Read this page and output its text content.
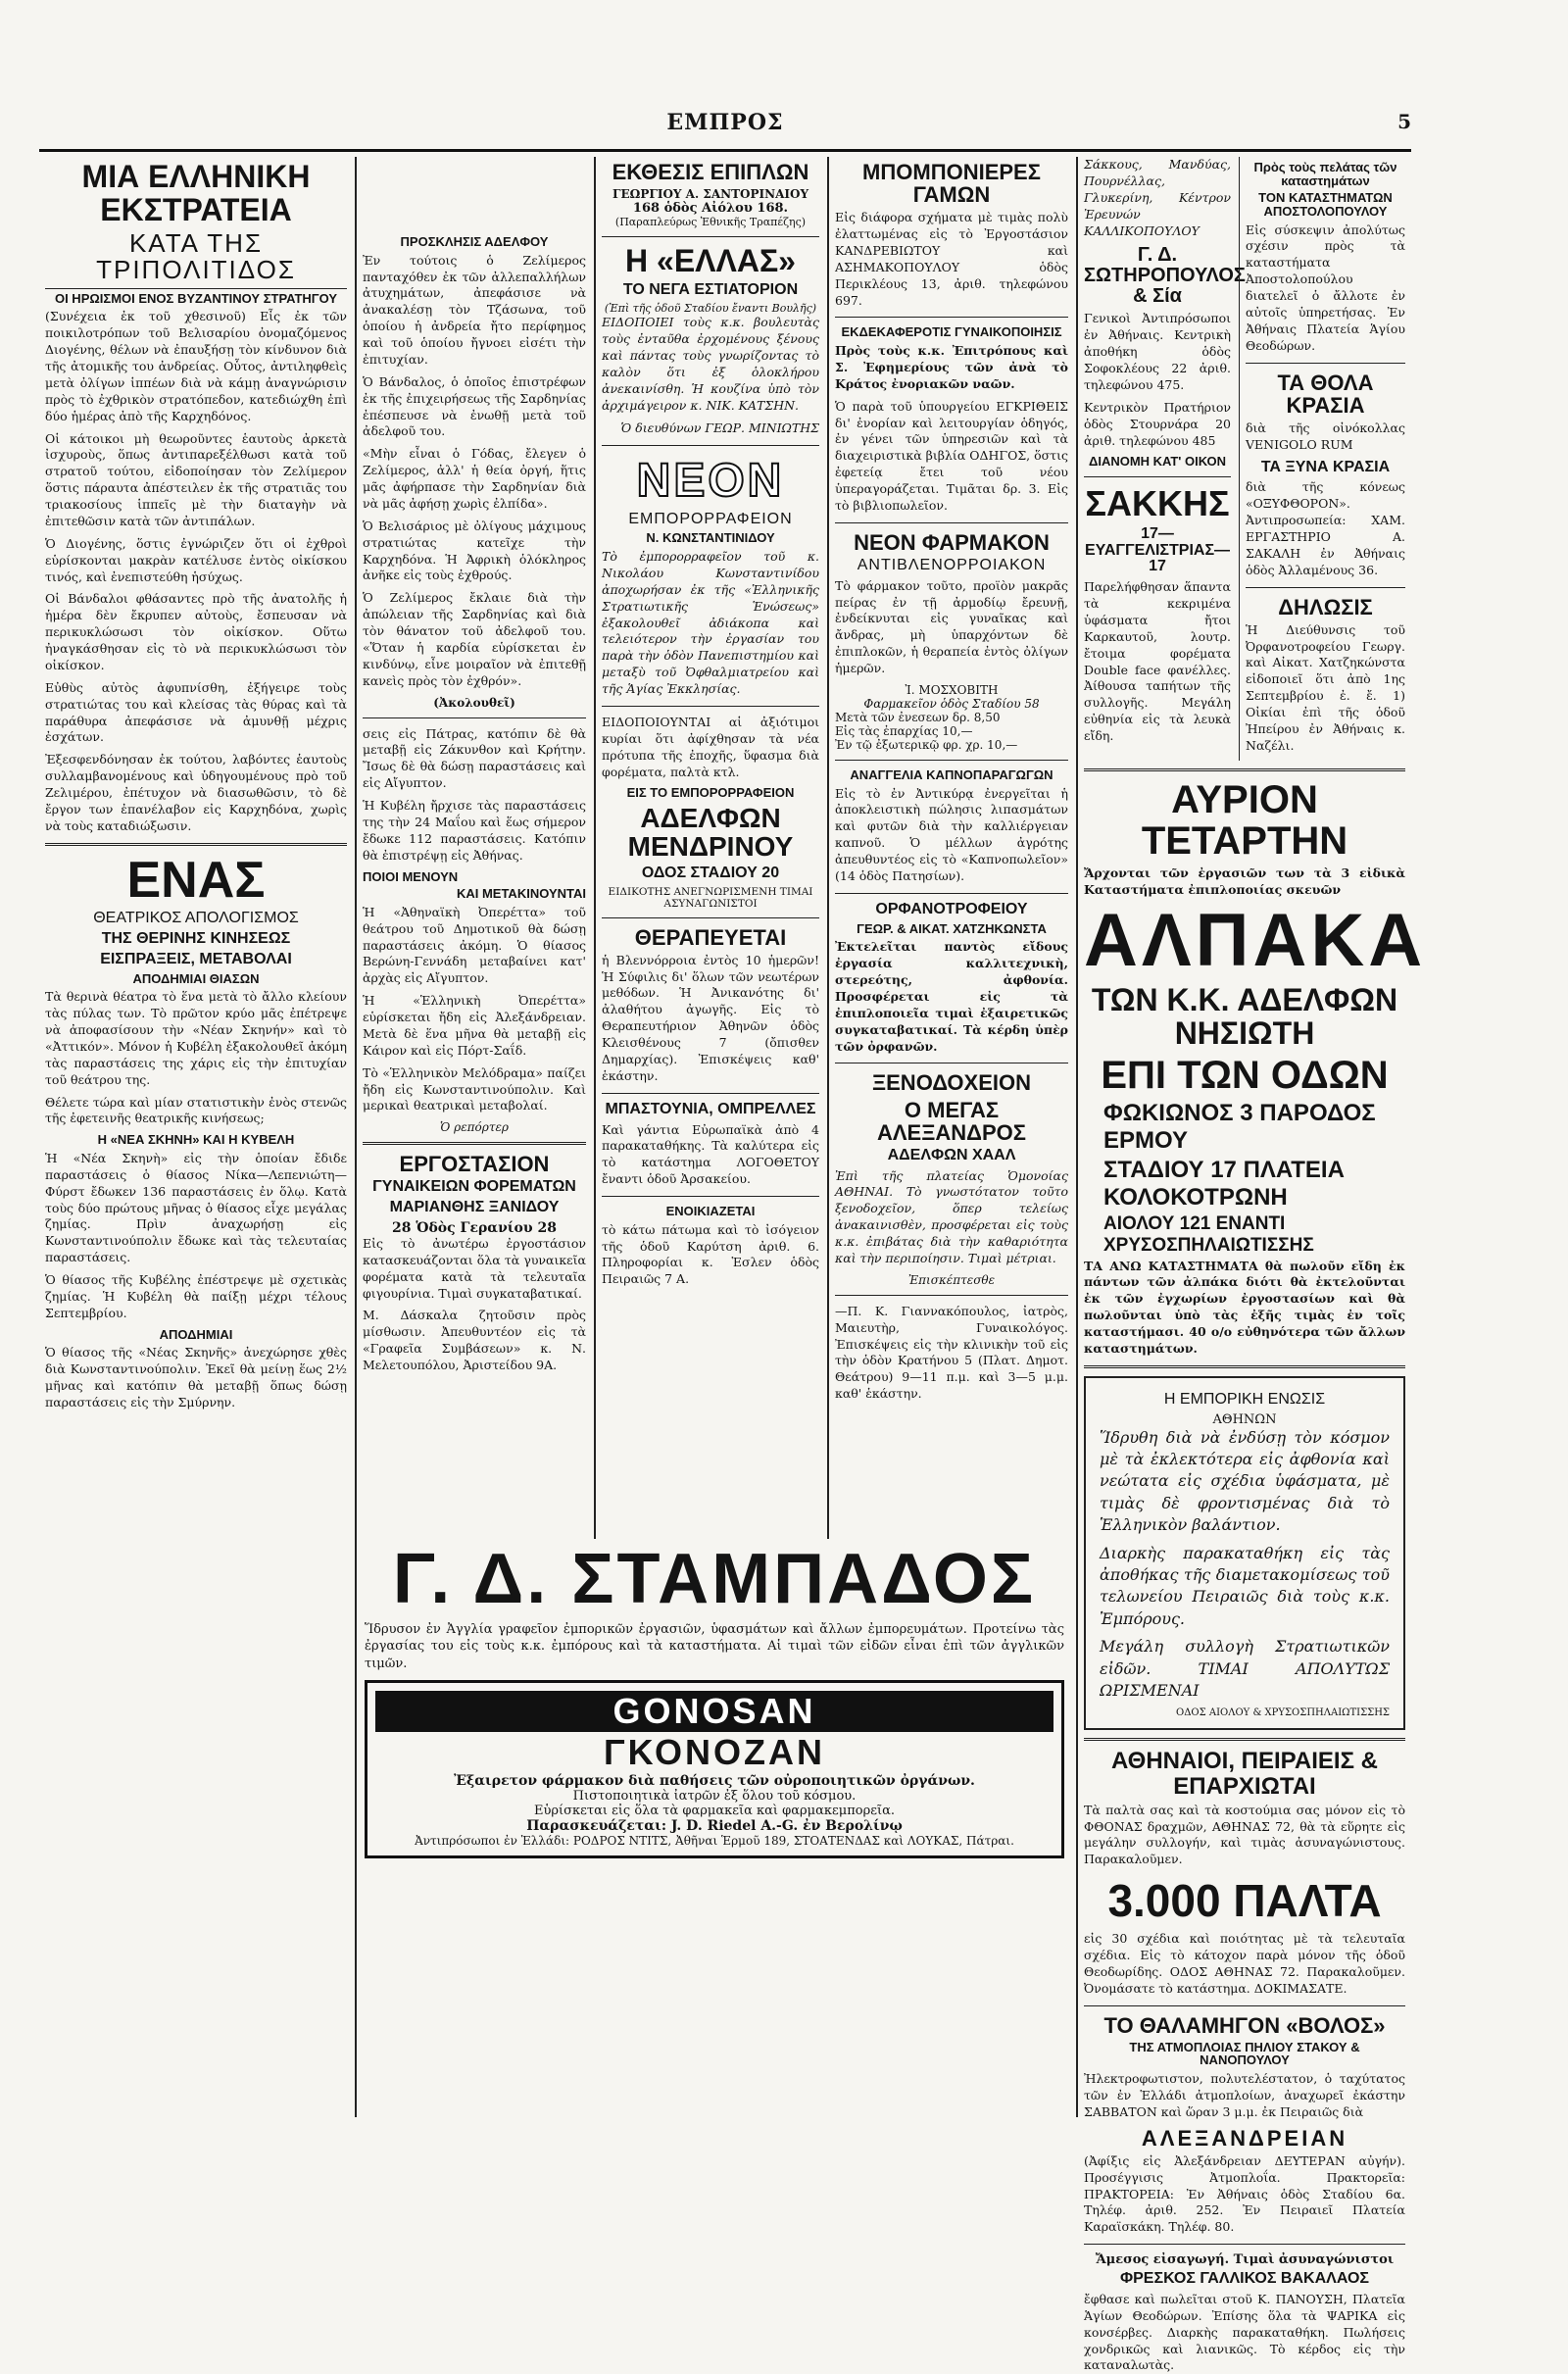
ΕΜΠΡΟΣ	5
ΜΙΑ ΕΛΛΗΝΙΚΗ ΕΚΣΤΡΑΤΕΙΑ
ΚΑΤΑ ΤΗΣ ΤΡΙΠΟΛΙΤΙΔΟΣ
ΟΙ ΗΡΩΙΣΜΟΙ ΕΝΟΣ ΒΥΖΑΝΤΙΝΟΥ ΣΤΡΑΤΗΓΟΥ

(Συνέχεια ἐκ τοῦ χθεσινοῦ) Εἷς ἐκ τῶν ποικιλοτρόπων τοῦ Βελισαρίου ὀνομαζόμενος Διογένης, θέλων νὰ ἐπαυξήσῃ τὸν κίνδυνον διὰ τῆς ἀτομικῆς του ἀνδρείας. Οὗτος, ἀντιληφθεὶς μετὰ ὀλίγων ἱππέων διὰ νὰ κάμῃ ἀναγνώρισιν πρὸς τὸ ἐχθρικὸν στρατόπεδον, κατεδιώχθη ἐπὶ δύο ἡμέρας ἀπὸ τῆς Καρχηδόνος.

Οἱ κάτοικοι μὴ θεωροῦντες ἑαυτοὺς ἀρκετὰ ἰσχυροὺς, ὅπως ἀντιπαρεξέλθωσι κατὰ τοῦ στρατοῦ τούτου, εἰδοποίησαν τὸν Ζελίμερον ὅστις πάραυτα ἀπέστειλεν ἐκ τῆς στρατιᾶς του τριακοσίους ἱππεῖς μὲ τὴν διαταγὴν νὰ ἐπιτεθῶσιν κατὰ τῶν ἀντιπάλων.

Ὁ Διογένης, ὅστις ἐγνώριζεν ὅτι οἱ ἐχθροὶ εὑρίσκονται μακρὰν κατέλυσε ἐντὸς οἰκίσκου τινός, καὶ ἐνεπιστεύθη ἡσύχως.

Οἱ Βάνδαλοι φθάσαντες πρὸ τῆς ἀνατολῆς ἡ ἡμέρα δὲν ἔκρυπεν αὐτοὺς, ἔσπευσαν νὰ περικυκλώσωσι τὸν οἰκίσκον. Οὕτω ἠναγκάσθησαν εἰς τὸ νὰ περικυκλώσωσι τὸν οἰκίσκον.

Εὐθὺς αὐτὸς ἀφυπνίσθη, ἐξήγειρε τοὺς στρατιώτας του καὶ κλείσας τὰς θύρας καὶ τὰ παράθυρα ἀπεφάσισε νὰ ἀμυνθῇ μέχρις ἐσχάτων.

Ἐξεσφενδόνησαν ἐκ τούτου, λαβόντες ἑαυτοὺς συλλαμβανομένους καὶ ὑδηγουμένους πρὸ τοῦ Ζελιμέρου, ἐπέτυχον νὰ διασωθῶσιν, τὸ δὲ ἔργον των ἐπανέλαβον εἰς Καρχηδόνα, χωρὶς νὰ τοὺς καταδιώξωσιν.

ΕΝΑΣ
ΘΕΑΤΡΙΚΟΣ ΑΠΟΛΟΓΙΣΜΟΣ
ΤΗΣ ΘΕΡΙΝΗΣ ΚΙΝΗΣΕΩΣ
ΕΙΣΠΡΑΞΕΙΣ, ΜΕΤΑΒΟΛΑΙ
ΑΠΟΔΗΜΙΑΙ ΘΙΑΣΩΝ

Τὰ θερινὰ θέατρα τὸ ἕνα μετὰ τὸ ἄλλο κλείουν τὰς πύλας των. Τὸ πρῶτον κρύο μᾶς ἐπέτρεψε νὰ ἀποφασίσουν τὴν «Νέαν Σκηνήν» καὶ τὸ «Ἀττικόν». Μόνον ἡ Κυβέλη ἐξακολουθεῖ ἀκόμη τὰς παραστάσεις της χάρις εἰς τὴν ἐπιτυχίαν τοῦ θεάτρου της.

Θέλετε τώρα καὶ μίαν στατιστικὴν ἐνὸς στενῶς τῆς ἐφετεινῆς θεατρικῆς κινήσεως;

Η «ΝΕΑ ΣΚΗΝΗ» ΚΑΙ Η ΚΥΒΕΛΗ

Ἡ «Νέα Σκηνὴ» εἰς τὴν ὁποίαν ἔδιδε παραστάσεις ὁ θίασος Νίκα—Λεπενιώτη—Φύρστ ἔδωκεν 136 παραστάσεις ἐν ὅλῳ. Κατὰ τοὺς δύο πρώτους μῆνας ὁ θίασος εἶχε μεγάλας ζημίας. Πρὶν ἀναχωρήσῃ εἰς Κωνσταντινούπολιν ἔδωκε καὶ τὰς τελευταίας παραστάσεις.

Ὁ θίασος τῆς Κυβέλης ἐπέστρεψε μὲ σχετικὰς ζημίας. Ἡ Κυβέλη θὰ παίξῃ μέχρι τέλους Σεπτεμβρίου.

ΑΠΟΔΗΜΙΑΙ

Ὁ θίασος τῆς «Νέας Σκηνῆς» ἀνεχώρησε χθὲς διὰ Κωνσταντινούπολιν. Ἐκεῖ θὰ μείνῃ ἕως 2½ μῆνας καὶ κατόπιν θὰ μεταβῇ ὅπως δώσῃ παραστάσεις εἰς τὴν Σμύρνην.

ΠΡΟΣΚΛΗΣΙΣ ΑΔΕΛΦΟΥ

Ἐν τούτοις ὁ Ζελίμερος πανταχόθεν ἐκ τῶν ἀλλεπαλλήλων ἀτυχημάτων, ἀπεφάσισε νὰ ἀνακαλέσῃ τὸν Τζάσωνα, τοῦ ὁποίου ἡ ἀνδρεία ἤτο περίφημος καὶ τοῦ ὁποίου ἤγνοει εἰσέτι τὴν ἐπιτυχίαν.

Ὁ Βάνδαλος, ὁ ὁποῖος ἐπιστρέφων ἐκ τῆς ἐπιχειρήσεως τῆς Σαρδηνίας ἐπέσπευσε νὰ ἐνωθῇ μετὰ τοῦ ἀδελφοῦ του.

«Μὴν εἶναι ὁ Γόδας, ἔλεγεν ὁ Ζελίμερος, ἀλλ' ἡ θεία ὀργή, ἥτις μᾶς ἀφήρπασε τὴν Σαρδηνίαν διὰ νὰ μᾶς ἀφήσῃ χωρὶς ἐλπίδα».

Ὁ Βελισάριος μὲ ὀλίγους μάχιμους στρατιώτας κατεῖχε τὴν Καρχηδόνα. Ἡ Ἀφρικὴ ὁλόκληρος ἀνῆκε εἰς τοὺς ἐχθρούς.

Ὁ Ζελίμερος ἔκλαιε διὰ τὴν ἀπώλειαν τῆς Σαρδηνίας καὶ διὰ τὸν θάνατον τοῦ ἀδελφοῦ του. «Ὅταν ἡ καρδία εὑρίσκεται ἐν κινδύνῳ, εἶνε μοιραῖον νὰ ἐπιτεθῇ κανεὶς πρὸς τὸν ἐχθρόν».

(Ἀκολουθεῖ)

σεις εἰς Πάτρας, κατόπιν δὲ θὰ μεταβῇ εἰς Ζάκυνθον καὶ Κρήτην. Ἴσως δὲ θὰ δώσῃ παραστάσεις καὶ εἰς Αἴγυπτον.

Ἡ Κυβέλη ἤρχισε τὰς παραστάσεις της τὴν 24 Μαΐου καὶ ἕως σήμερον ἔδωκε 112 παραστάσεις. Κατόπιν θὰ ἐπιστρέψῃ εἰς Ἀθήνας.

ΠΟΙΟΙ ΜΕΝΟΥΝ
ΚΑΙ ΜΕΤΑΚΙΝΟΥΝΤΑΙ

Ἡ «Ἀθηναϊκὴ Ὀπερέττα» τοῦ θεάτρου τοῦ Δημοτικοῦ θὰ δώσῃ παραστάσεις ἀκόμη. Ὁ θίασος Βερώνη-Γεννάδη μεταβαίνει κατ' ἀρχὰς εἰς Αἴγυπτον.

Ἡ «Ἑλληνικὴ Ὀπερέττα» εὑρίσκεται ἤδη εἰς Ἀλεξάνδρειαν. Μετὰ δὲ ἕνα μῆνα θὰ μεταβῇ εἰς Κάιρον καὶ εἰς Πόρτ-Σαΐδ.

Τὸ «Ἑλληνικὸν Μελόδραμα» παίζει ἤδη εἰς Κωνσταντινούπολιν. Καὶ μερικαὶ θεατρικαὶ μεταβολαί.

Ὁ ρεπόρτερ
ΕΡΓΟΣΤΑΣΙΟΝ
ΓΥΝΑΙΚΕΙΩΝ ΦΟΡΕΜΑΤΩΝ
ΜΑΡΙΑΝΘΗΣ ΞΑΝΙΔΟΥ
28 Ὁδὸς Γερανίου 28

Εἰς τὸ ἀνωτέρω ἐργοστάσιον κατασκευάζονται ὅλα τὰ γυναικεῖα φορέματα κατὰ τὰ τελευταῖα φιγουρίνια. Τιμαὶ συγκαταβατικαί.

Μ. Δάσκαλα ζητοῦσιν πρὸς μίσθωσιν. Ἀπευθυντέον εἰς τὰ «Γραφεῖα Συμβάσεων» κ. Ν. Μελετουπόλου, Ἀριστείδου 9Α.

ΕΚΘΕΣΙΣ ΕΠΙΠΛΩΝ
ΓΕΩΡΓΙΟΥ Α. ΣΑΝΤΟΡΙΝΑΙΟΥ
168 ὁδὸς Αἰόλου 168.
(Παραπλεύρως Ἐθνικῆς Τραπέζης)
Η «ΕΛΛΑΣ»
ΤΟ ΝΕΓΑ ΕΣΤΙΑΤΟΡΙΟΝ
(Ἐπὶ τῆς ὁδοῦ Σταδίου ἔναντι Βουλῆς)

ΕΙΔΟΠΟΙΕΙ τοὺς κ.κ. βουλευτὰς τοὺς ἐνταῦθα ἐρχομένους ξένους καὶ πάντας τοὺς γνωρίζοντας τὸ καλὸν ὅτι ἐξ ὁλοκλήρου ἀνεκαινίσθη. Ἡ κουζίνα ὑπὸ τὸν ἀρχιμάγειρον κ. ΝΙΚ. ΚΑΤΣΗΝ.

Ὁ διευθύνων ΓΕΩΡ. ΜΙΝΙΩΤΗΣ

ΝΕΟΝ
ΕΜΠΟΡΟΡΡΑΦΕΙΟΝ
Ν. ΚΩΝΣΤΑΝΤΙΝΙΔΟΥ

Τὸ ἐμπορορραφεῖον τοῦ κ. Νικολάου Κωνσταντινίδου ἀποχωρήσαν ἐκ τῆς «Ἑλληνικῆς Στρατιωτικῆς Ἑνώσεως» ἐξακολουθεῖ ἀδιάκοπα καὶ τελειότερον τὴν ἐργασίαν του παρὰ τὴν ὁδὸν Πανεπιστημίου καὶ μεταξὺ τοῦ Ὀφθαλμιατρείου καὶ τῆς Ἁγίας Ἐκκλησίας.

ΕΙΔΟΠΟΙΟΥΝΤΑΙ αἱ ἀξιότιμοι κυρίαι ὅτι ἀφίχθησαν τὰ νέα πρότυπα τῆς ἐποχῆς, ὕφασμα διὰ φορέματα, παλτὰ κτλ.

ΕΙΣ ΤΟ ΕΜΠΟΡΟΡΡΑΦΕΙΟΝ
ΑΔΕΛΦΩΝ ΜΕΝΔΡΙΝΟΥ
ΟΔΟΣ ΣΤΑΔΙΟΥ 20
ΕΙΔΙΚΟΤΗΣ ΑΝΕΓΝΩΡΙΣΜΕΝΗ ΤΙΜΑΙ ΑΣΥΝΑΓΩΝΙΣΤΟΙ
ΘΕΡΑΠΕΥΕΤΑΙ

ἡ Βλεννόρροια ἐντὸς 10 ἡμερῶν! Ἡ Σύφιλις δι' ὅλων τῶν νεωτέρων μεθόδων. Ἡ Ἀνικανότης δι' ἀλαθήτου ἀγωγῆς. Εἰς τὸ Θεραπευτήριον Ἀθηνῶν ὁδὸς Κλεισθένους 7 (ὄπισθεν Δημαρχίας). Ἐπισκέψεις καθ' ἑκάστην.

ΜΠΑΣΤΟΥΝΙΑ, ΟΜΠΡΕΛΛΕΣ

Καὶ γάντια Εὐρωπαϊκὰ ἀπὸ 4 παρακαταθήκης. Τὰ καλύτερα εἰς τὸ κατάστημα ΛΟΓΟΘΕΤΟΥ ἔναντι ὁδοῦ Ἀρσακείου.

ΕΝΟΙΚΙΑΖΕΤΑΙ

τὸ κάτω πάτωμα καὶ τὸ ἰσόγειον τῆς ὁδοῦ Καρύτση ἀριθ. 6. Πληροφορίαι κ. Ἑσλεν ὁδὸς Πειραιῶς 7 Α.

ΜΠΟΜΠΟΝΙΕΡΕΣ ΓΑΜΩΝ

Εἰς διάφορα σχήματα μὲ τιμὰς πολὺ ἐλαττωμένας εἰς τὸ Ἐργοστάσιον ΚΑΝΔΡΕΒΙΩΤΟΥ καὶ ΑΣΗΜΑΚΟΠΟΥΛΟΥ ὁδὸς Περικλέους 13, ἀριθ. τηλεφώνου 697.

ΕΚΔΕΚΑΦΕΡΟΤΙΣ ΓΥΝΑΙΚΟΠΟΙΗΣΙΣ

Πρὸς τοὺς κ.κ. Ἐπιτρόπους καὶ Σ. Ἐφημερίους τῶν ἀνὰ τὸ Κράτος ἐνοριακῶν ναῶν.

Ὁ παρὰ τοῦ ὑπουργείου ΕΓΚΡΙΘΕΙΣ δι' ἐνορίαν καὶ λειτουργίαν ὁδηγός, ἐν γένει τῶν ὑπηρεσιῶν καὶ τὰ διαχειριστικὰ βιβλία ΟΔΗΓΟΣ, ὅστις ἐφετείᾳ ἔτει τοῦ νέου ὑπεραγοράζεται. Τιμᾶται δρ. 3. Εἰς τὸ βιβλιοπωλεῖον.

ΝΕΟΝ ΦΑΡΜΑΚΟΝ
ΑΝΤΙΒΛΕΝΟΡΡΟΙΑΚΟΝ

Τὸ φάρμακον τοῦτο, προϊὸν μακρᾶς πείρας ἐν τῇ ἀρμοδίῳ ἔρευνῇ, ἐνδείκνυται εἰς γυναῖκας καὶ ἄνδρας, μὴ ὑπαρχόντων δὲ ἐπιπλοκῶν, ἡ θεραπεία ἐντὸς ὀλίγων ἡμερῶν.

Ἰ. ΜΟΣΧΟΒΙΤΗ
Φαρμακεῖον ὁδὸς Σταδίου 58
Μετὰ τῶν ἐνεσεων δρ. 8,50
Εἰς τὰς ἐπαρχίας 10,—
Ἐν τῷ ἐξωτερικῷ φρ. χρ. 10,—
ΑΝΑΓΓΕΛΙΑ ΚΑΠΝΟΠΑΡΑΓΩΓΩΝ

Εἰς τὸ ἐν Ἀντικύρᾳ ἐνεργεῖται ἡ ἀποκλειστικὴ πώλησις λιπασμάτων καὶ φυτῶν διὰ τὴν καλλιέργειαν καπνοῦ. Ὁ μέλλων ἀγρότης ἀπευθυντέος εἰς τὸ «Καπνοπωλεῖον» (14 ὁδὸς Πατησίων).

ΟΡΦΑΝΟΤΡΟΦΕΙΟΥ
ΓΕΩΡ. & ΑΙΚΑΤ. ΧΑΤΖΗΚΩΝΣΤΑ

Ἐκτελεῖται παντὸς εἴδους ἐργασία καλλιτεχνικὴ, στερεότης, ἀφθονία. Προσφέρεται εἰς τὰ ἐπιπλοποιεῖα τιμαὶ ἐξαιρετικῶς συγκαταβατικαί. Τὰ κέρδη ὑπὲρ τῶν ὀρφανῶν.

ΞΕΝΟΔΟΧΕΙΟΝ
Ο ΜΕΓΑΣ ΑΛΕΞΑΝΔΡΟΣ
ΑΔΕΛΦΩΝ ΧΑΑΛ

Ἐπὶ τῆς πλατείας Ὁμονοίας ΑΘΗΝΑΙ. Τὸ γνωστότατον τοῦτο ξενοδοχεῖον, ὅπερ τελείως ἀνακαινισθὲν, προσφέρεται εἰς τοὺς κ.κ. ἐπιβάτας διὰ τὴν καθαριότητα καὶ τὴν περιποίησιν. Τιμαὶ μέτριαι.

Ἐπισκέπτεσθε

—Π. Κ. Γιαννακόπουλος, ἰατρὸς, Μαιευτὴρ, Γυναικολόγος. Ἐπισκέψεις εἰς τὴν κλινικὴν τοῦ εἰς τὴν ὁδὸν Κρατήνου 5 (Πλατ. Δημοτ. Θεάτρου) 9—11 π.μ. καὶ 3—5 μ.μ. καθ' ἑκάστην.

Σάκκους, Μανδύας, Πουρνέλλας, Γλυκερίνη, Κέντρον Ἐρευνών ΚΑΛΛΙΚΟΠΟΥΛΟΥ

Γ. Δ. ΣΩΤΗΡΟΠΟΥΛΟΣ & Σία

Γενικοὶ Ἀντιπρόσωποι ἐν Ἀθήναις. Κεντρικὴ ἀποθήκη ὁδὸς Σοφοκλέους 22 ἀριθ. τηλεφώνου 475.

Κεντρικὸν Πρατήριον ὁδὸς Στουρνάρα 20 ἀριθ. τηλεφώνου 485

ΔΙΑΝΟΜΗ ΚΑΤ' ΟΙΚΟΝ
ΣΑΚΚΗΣ
17—ΕΥΑΓΓΕΛΙΣΤΡΙΑΣ—17

Παρελήφθησαν ἅπαντα τὰ κεκριμένα ὑφάσματα ἤτοι Καρκαυτοῦ, λουτρ. ἔτοιμα φορέματα Double face φανέλλες. Ἀίθουσα ταπήτων τῆς συλλογῆς. Μεγάλη εὐθηνία εἰς τὰ λευκὰ εἴδη.

Πρὸς τοὺς πελάτας τῶν καταστημάτων
ΤΟΝ ΚΑΤΑΣΤΗΜΑΤΩΝ ΑΠΟΣΤΟΛΟΠΟΥΛΟΥ

Εἰς σύσκεψιν ἀπολύτως σχέσιν πρὸς τὰ καταστήματα Ἀποστολοπούλου διατελεῖ ὁ ἄλλοτε ἐν αὐτοῖς ὑπηρετήσας. Ἐν Ἀθήναις Πλατεία Ἁγίου Θεοδώρων.

ΤΑ ΘΟΛΑ ΚΡΑΣΙΑ

διὰ τῆς οἰνόκολλας VENIGOLO RUM

ΤΑ ΞΥΝΑ ΚΡΑΣΙΑ

διὰ τῆς κόνεως «ΟΞΥΦΘΟΡΟΝ». Ἀντιπροσωπεία: ΧΑΜ. ΕΡΓΑΣΤΗΡΙΟ Α. ΣΑΚΑΛΗ ἐν Ἀθήναις ὁδὸς Ἀλλαμένους 36.

ΔΗΛΩΣΙΣ

Ἡ Διεύθυνσις τοῦ Ὀρφανοτροφείου Γεωργ. καὶ Αἰκατ. Χατζηκώνστα εἰδοποιεῖ ὅτι ἀπὸ 1ης Σεπτεμβρίου ἐ. ἔ. 1) Οἰκίαι ἐπὶ τῆς ὁδοῦ Ἠπείρου ἐν Ἀθήναις κ. Ναζέλι.

ΑΥΡΙΟΝ ΤΕΤΑΡΤΗΝ

Ἄρχονται τῶν ἐργασιῶν των τὰ 3 εἰδικὰ Καταστήματα ἐπιπλοποιίας σκευῶν

ΑΛΠΑΚΑ
ΤΩΝ Κ.Κ. ΑΔΕΛΦΩΝ ΝΗΣΙΩΤΗ
ΕΠΙ ΤΩΝ ΟΔΩΝ
ΦΩΚΙΩΝΟΣ 3 ΠΑΡΟΔΟΣ ΕΡΜΟΥ
ΣΤΑΔΙΟΥ 17 ΠΛΑΤΕΙΑ ΚΟΛΟΚΟΤΡΩΝΗ
ΑΙΟΛΟΥ 121 ΕΝΑΝΤΙ ΧΡΥΣΟΣΠΗΛΑΙΩΤΙΣΣΗΣ

ΤΑ ΑΝΩ ΚΑΤΑΣΤΗΜΑΤΑ θὰ πωλοῦν εἴδη ἐκ πάντων τῶν ἀλπάκα διότι θὰ ἐκτελοῦνται ἐκ τῶν ἐγχωρίων ἐργοστασίων καὶ θὰ πωλοῦνται ὑπὸ τὰς ἐξῆς τιμὰς ἐν τοῖς καταστήμασι. 40 ο/ο εὐθηνότερα τῶν ἄλλων καταστημάτων.

Η ΕΜΠΟΡΙΚΗ ΕΝΩΣΙΣ
ΑΘΗΝΩΝ

Ἵδρυθη διὰ νὰ ἐνδύσῃ τὸν κόσμον μὲ τὰ ἐκλεκτότερα εἰς ἀφθονία καὶ νεώτατα εἰς σχέδια ὑφάσματα, μὲ τιμὰς δὲ φροντισμένας διὰ τὸ Ἑλληνικὸν βαλάντιον.

Διαρκὴς παρακαταθήκη εἰς τὰς ἀποθήκας τῆς διαμετακομίσεως τοῦ τελωνείου Πειραιῶς διὰ τοὺς κ.κ. Ἐμπόρους.

Μεγάλη συλλογὴ Στρατιωτικῶν εἰδῶν. ΤΙΜΑΙ ΑΠΟΛΥΤΩΣ ΩΡΙΣΜΕΝΑΙ

ΟΔΟΣ ΑΙΟΛΟΥ & ΧΡΥΣΟΣΠΗΛΑΙΩΤΙΣΣΗΣ
ΑΘΗΝΑΙΟΙ, ΠΕΙΡΑΙΕΙΣ & ΕΠΑΡΧΙΩΤΑΙ

Τὰ παλτὰ σας καὶ τὰ κοστούμια σας μόνον εἰς τὸ ΦΘΟΝΑΣ δραχμῶν, ΑΘΗΝΑΣ 72, θὰ τὰ εὕρητε εἰς μεγάλην συλλογήν, καὶ τιμὰς ἀσυναγώνιστους. Παρακαλοῦμεν.

3.000 ΠΑΛΤΑ

εἰς 30 σχέδια καὶ ποιότητας μὲ τὰ τελευταῖα σχέδια. Εἰς τὸ κάτοχον παρὰ μόνον τῆς ὁδοῦ Θεοδωρίδης. ΟΔΟΣ ΑΘΗΝΑΣ 72. Παρακαλοῦμεν. Ὀνομάσατε τὸ κατάστημα. ΔΟΚΙΜΑΣΑΤΕ.

ΤΟ ΘΑΛΑΜΗΓΟΝ «ΒΟΛΟΣ»
ΤΗΣ ΑΤΜΟΠΛΟΙΑΣ ΠΗΛΙΟΥ ΣΤΑΚΟΥ & ΝΑΝΟΠΟΥΛΟΥ

Ἠλεκτροφωτιστον, πολυτελέστατον, ὁ ταχύτατος τῶν ἐν Ἑλλάδι ἀτμοπλοίων, ἀναχωρεῖ ἐκάστην ΣΑΒΒΑΤΟΝ καὶ ὥραν 3 μ.μ. ἐκ Πειραιῶς διὰ

ΑΛΕΞΑΝΔΡΕΙΑΝ

(Ἀφίξις εἰς Ἀλεξάνδρειαν ΔΕΥΤΕΡΑΝ αὐγήν). Προσέγγισις Ἀτμοπλοΐα. Πρακτορεῖα: ΠΡΑΚΤΟΡΕΙΑ: Ἐν Ἀθήναις ὁδὸς Σταδίου 6α. Τηλέφ. ἀριθ. 252. Ἐν Πειραιεῖ Πλατεία Καραϊσκάκη. Τηλέφ. 80.

Ἄμεσος εἰσαγωγή. Τιμαὶ ἀσυναγώνιστοι
ΦΡΕΣΚΟΣ ΓΑΛΛΙΚΟΣ ΒΑΚΑΛΑΟΣ

ἔφθασε καὶ πωλεῖται στοῦ Κ. ΠΑΝΟΥΣΗ, Πλατεῖα Ἁγίων Θεοδώρων. Ἐπίσης ὅλα τὰ ΨΑΡΙΚΑ εἰς κονσέρβες. Διαρκὴς παρακαταθήκη. Πωλήσεις χονδρικῶς καὶ λιανικῶς. Τὸ κέρδος εἰς τὴν καταναλωτὰς.

Γ. Δ. ΣΤΑΜΠΑΔΟΣ

Ἵδρυσον ἐν Ἀγγλία γραφεῖον ἐμπορικῶν ἐργασιῶν, ὑφασμάτων καὶ ἄλλων ἐμπορευμάτων. Προτείνω τὰς ἐργασίας του εἰς τοὺς κ.κ. ἐμπόρους καὶ τὰ καταστήματα. Αἱ τιμαὶ τῶν εἰδῶν εἶναι ἐπὶ τῶν ἀγγλικῶν τιμῶν.

GONOSAN
ΓΚΟΝΟΖΑΝ
Ἐξαιρετον φάρμακον διὰ παθήσεις τῶν οὐροποιητικῶν ὀργάνων.
Πιστοποιητικὰ ἰατρῶν ἐξ ὅλου τοῦ κόσμου.
Εὑρίσκεται εἰς ὅλα τὰ φαρμακεῖα καὶ φαρμακεμπορεῖα.
Παρασκευάζεται: J. D. Riedel A.-G. ἐν Βερολίνῳ
Ἀντιπρόσωποι ἐν Ἑλλάδι: ΡΟΔΡΟΣ ΝΤΙΤΣ, Ἀθῆναι Ἑρμοῦ 189, ΣΤΟΑΤΕΝΔΑΣ καὶ ΛΟΥΚΑΣ, Πάτραι.
